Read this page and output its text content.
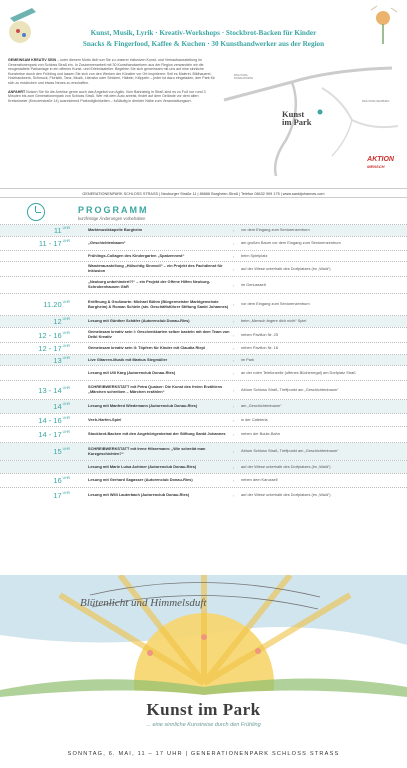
Kunst, Musik, Lyrik · Kreativ-Workshops · Stockbrot-Backen für Kinder
Snacks & Fingerfood, Kaffee & Kuchen · 30 Kunsthandwerker aus der Region

GEMEINSAM KREATIV SEIN – unter diesem Motto lädt nun Sie zu unserer inklusiven Kunst- und Verkaufsausstellung im Generationenpark von Schloss Straß ein. In Zusammenarbeit mit 30 Kunsthandwerkern aus der Region verwandeln wir die neugestaltete Parkanlage in ein offenes Kunst- und Erlebnisatelier. Begeben Sie sich gemeinsam mit uns auf eine sinnliche Kunstreise durch den Frühling und lassen Sie sich von den Werken der Künstler vor Ort inspirieren: Seil es Malerei, Bildhauerei, Holzhandwerk, Schmuck, Floristik, Tanz, Musik, Literatur oder Stricken, Häkeln, Klöppeln – jeder ist dazu eingeladen, den Park für sich zu entdecken und etwas Neues zu erschaffen.

ANFAHRT Nutzen Sie für die Anreise gerne auch das Angebot von Agilis. Vom Bahnsteig in Straß sind es zu Fuß nur rund 3 Minuten bis zum Generationenpark von Schloss Straß. Wer mit dem Auto anreist, findet auf dem Gelände vor dem alten Kreiselweier (Kreuzerstraße 14) ausreichend Parkmöglichkeiten – fußläufig in direkter Nähe zum Veranstaltungsort.

Kunst
im Park
RICHTUNG DONAUWÖRTH
RICHTUNG NEUBURG
AKTION
MENSCH
GENERATIONENPARK SCHLOSS STRASS | Neuburger Straße 11 | 86666 Burgheim-Straß | Telefon 08432 909 175 | www.sanktjohannes.com
PROGRAMM
kurzfristige Änderungen vorbehalten
$11^{UHR}$	Marktmusikkapelle Burgheim	› vor dem Eingang zum Seniorenzentrum
$11 - 17^{UHR}$	„Geschichtenbaum“	› am großen Baum vor dem Eingang zum Seniorenzentrum
Frühlings-Collagen des Kindergarten „Spatzennest“	› beim Spielplatz
Wanderausstellung „Hölschtig Sinnvoll“ – ein Projekt des Fachdienst für Inklusion	› auf der Wiese unterhalb des Dorfplatzes (im „Wald“)
„Neuburg unbehindert?!“ – ein Projekt der Offene Hilfen Neuburg-Schrobenhausen GbR	› im Genussseit
$11.20^{UHR}$	Eröffnung & Grußworte: Michael Böhm (Bürgermeister Marktgemeinde Burgheim) & Roman Schiele (stv. Geschäftsführer Stiftung Sankt Johannes)	› vor dem Eingang zum Seniorenzentrum
$12^{UHR}$	Lesung mit Günther Schäfer (Autorenclub Donau-Ries)	› beim „Mensch ärgere dich nicht“ Spiel
$12 - 16^{UHR}$	Gemeinsam kreativ sein I: Geschenkkarten selber basteln mit dem Team von Deibl Kreativ	› neben Pavillon Nr. 25
$12 - 17^{UHR}$	Gemeinsam kreativ sein II: Töpfern für Kinder mit Claudia Riepl	› neben Pavillon Nr. 16
$13^{UHR}$	Live Gitarren-Musik mit Markus Stegmüller	› im Park
Lesung mit Ulli Karg (Autorenclub Donau-Ries)	› an der roten Telefonzelle (offenes Bücherregal) am Dorfplatz Straß
$13 - 14^{UHR}$	SCHREIBWERKSTATT mit Petra Quaiser: Die Kunst des freien Erzählens „Märchen schreiben – Märchen erzählen“	› Atrium Schloss Straß, Treffpunkt am „Geschichtenbaum“
$14^{UHR}$	Lesung mit Manfred Wiedemann (Autorenclub Donau-Ries)	› am „Geschichtenbaum“
$14 - 16^{UHR}$	Veeh-Harfen-Spiel	› in der Cafeteria
$14 - 17^{UHR}$	Stockbrot-Backen mit den Angehörigenbeirat der Stiftung Sankt Johannes	› neben der Boule-Bahn
$15^{UHR}$	SCHREIBWERKSTATT mit Irene Hilsermann: „Wie schreibt man Kurzgeschichten?“	› Atrium Schloss Straß, Treffpunkt am „Geschichtenbaum“
Lesung mit Marie Luisa Achtner (Autorenclub Donau-Ries)	› auf der Wiese unterhalb des Dorfplatzes (im „Wald“)
$16^{UHR}$	Lesung mit Gerhard Sagasser (Autorenclub Donau-Ries)	› neben dem Karussell
$17^{UHR}$	Lesung mit Willi Lauterbach (Autorenclub Donau-Ries)	› auf der Wiese unterhalb des Dorfplatzes (im „Wald“)
Blütenlicht und Himmelsduft
Kunst im Park
... eine sinnliche Kunstreise durch den Frühling
SONNTAG, 6. MAI, 11 – 17 UHR | GENERATIONENPARK SCHLOSS STRASS
